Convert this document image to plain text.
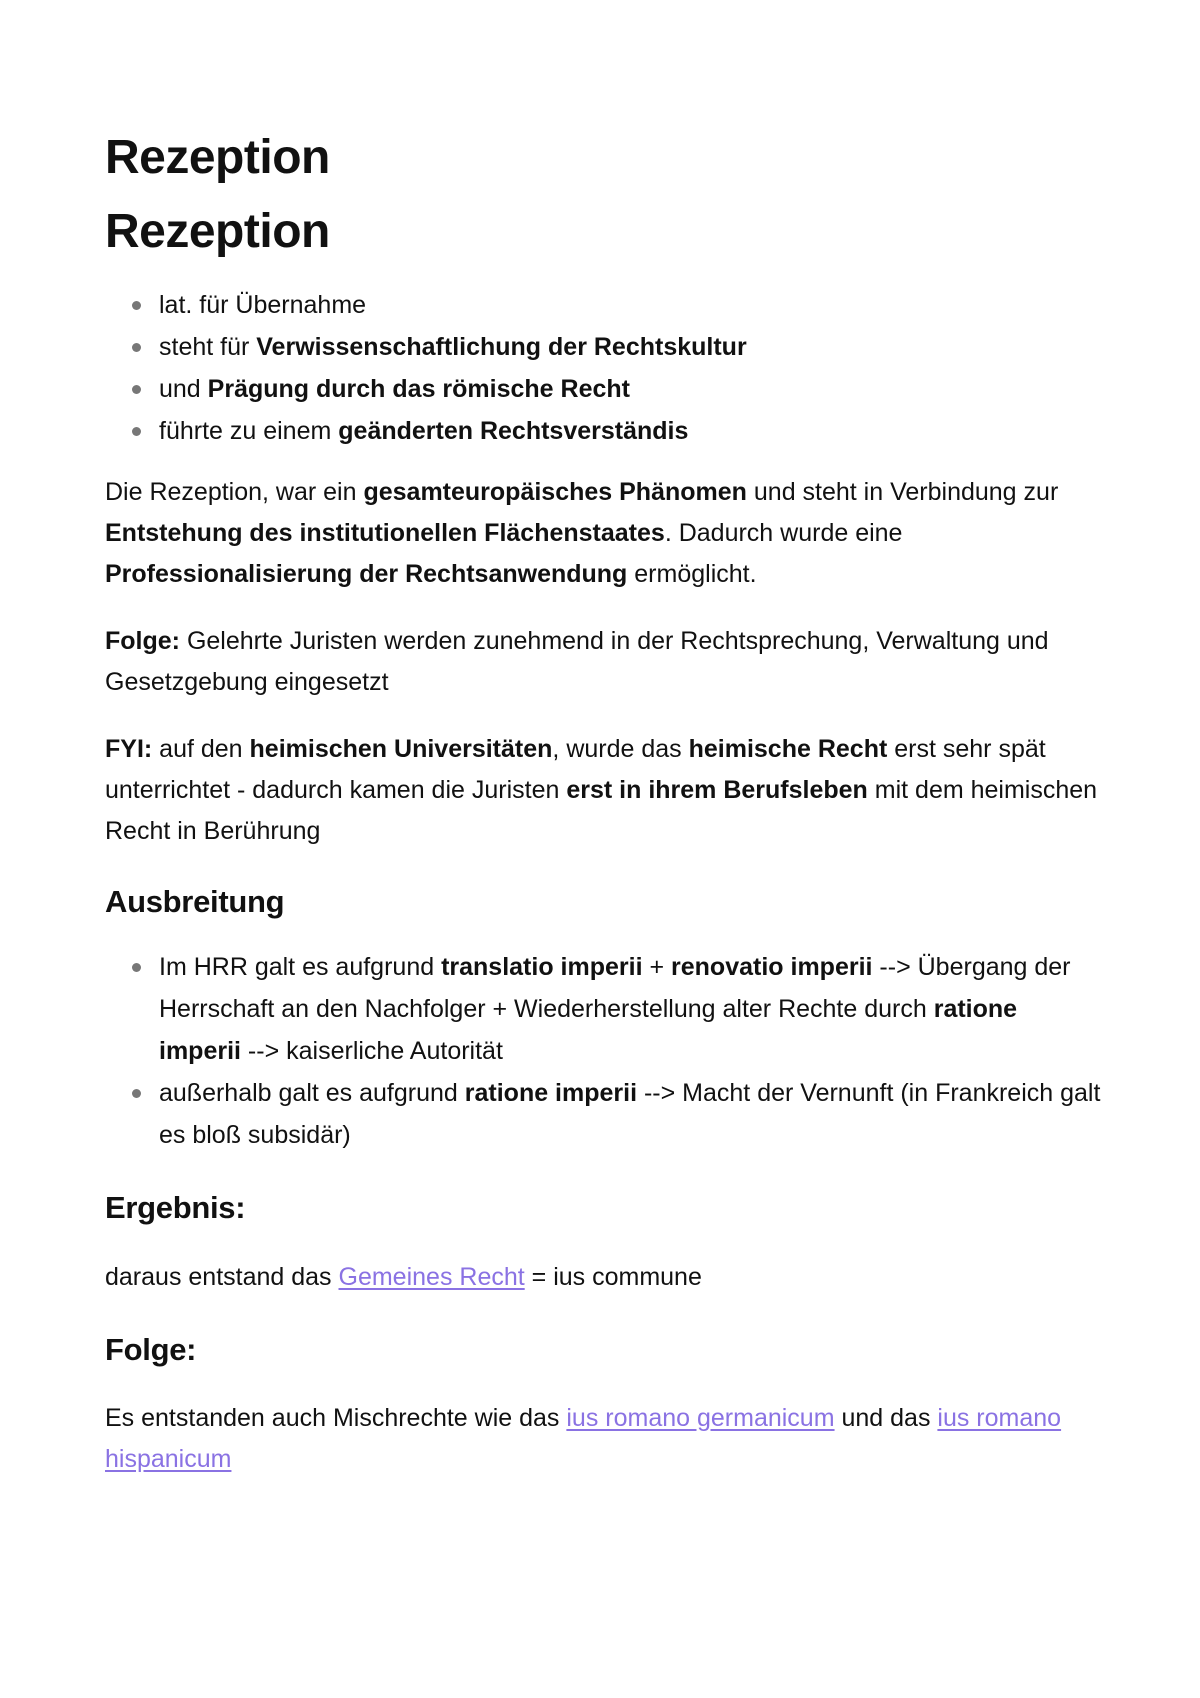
Rezeption
Rezeption
lat. für Übernahme
steht für Verwissenschaftlichung der Rechtskultur
und Prägung durch das römische Recht
führte zu einem geänderten Rechtsverständis

Die Rezeption, war ein gesamteuropäisches Phänomen und steht in Verbindung zur Entstehung des institutionellen Flächenstaates. Dadurch wurde eine Professionalisierung der Rechtsanwendung ermöglicht.

Folge: Gelehrte Juristen werden zunehmend in der Rechtsprechung, Verwaltung und Gesetzgebung eingesetzt

FYI: auf den heimischen Universitäten, wurde das heimische Recht erst sehr spät unterrichtet - dadurch kamen die Juristen erst in ihrem Berufsleben mit dem heimischen Recht in Berührung

Ausbreitung
Im HRR galt es aufgrund translatio imperii + renovatio imperii --> Übergang der Herrschaft an den Nachfolger + Wiederherstellung alter Rechte durch ratione imperii --> kaiserliche Autorität
außerhalb galt es aufgrund ratione imperii --> Macht der Vernunft (in Frankreich galt es bloß subsidär)
Ergebnis:

daraus entstand das Gemeines Recht = ius commune

Folge:

Es entstanden auch Mischrechte wie das ius romano germanicum und das ius romano hispanicum
